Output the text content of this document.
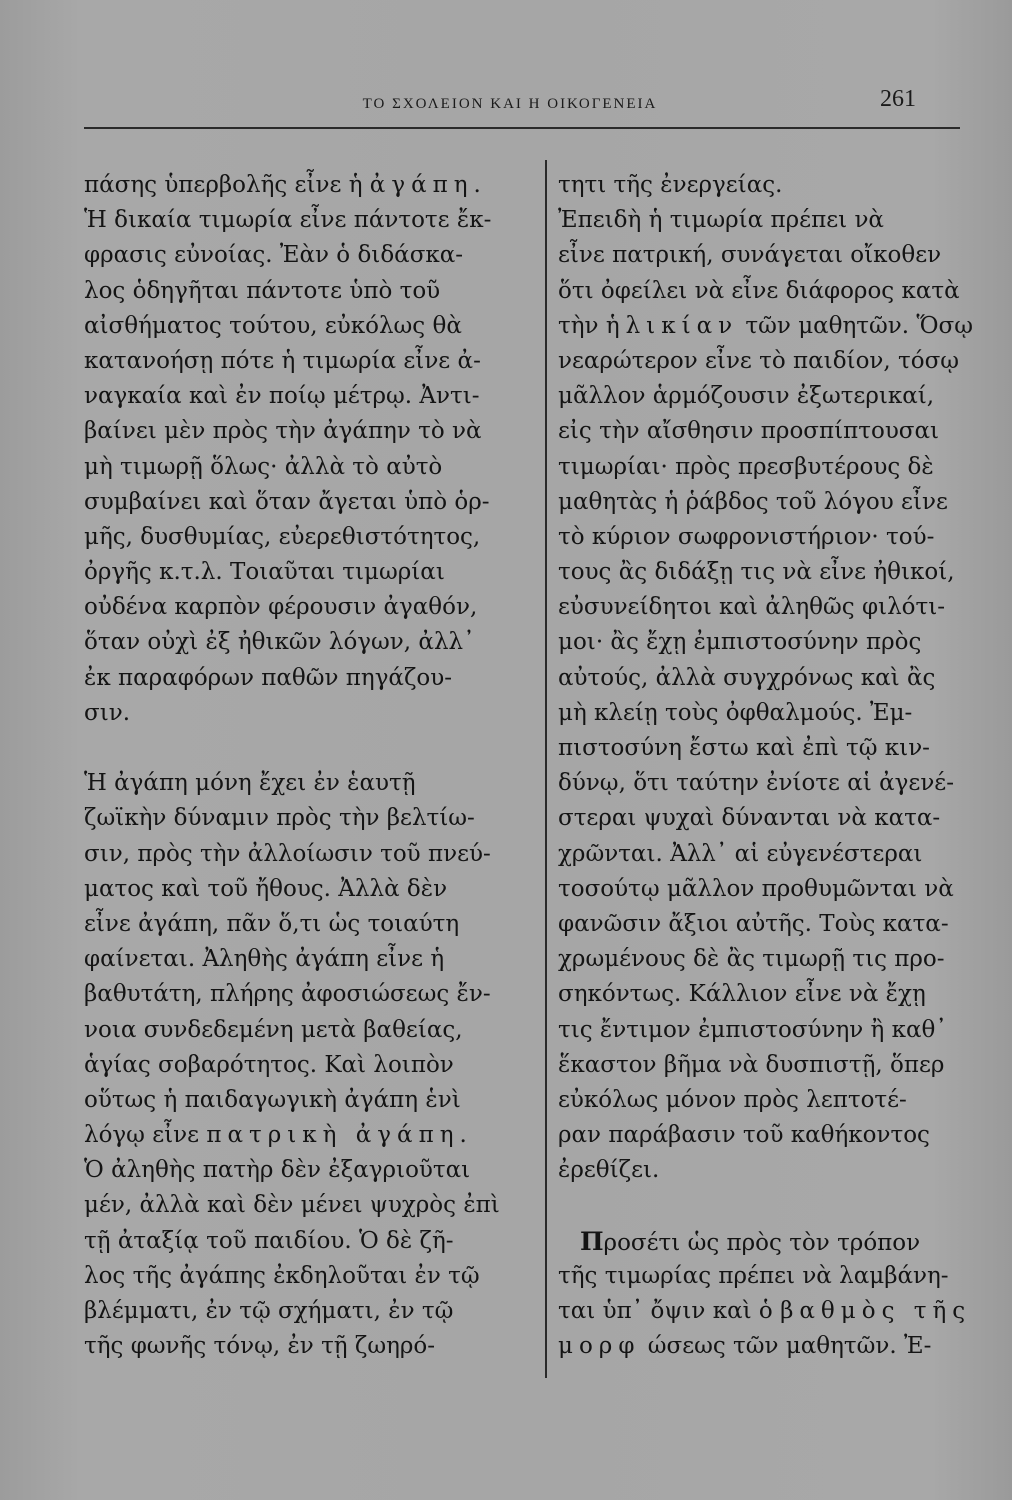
ΤΟ ΣΧΟΛΕΙΟΝ ΚΑΙ Η ΟΙΚΟΓΕΝΕΙΑ	261
πάσης ὑπερβολῆς εἶνε ἡ ἀγάπη.
Ἡ δικαία τιμωρία εἶνε πάντοτε ἔκ-
φρασις εὐνοίας. Ἐὰν ὁ διδάσκα-
λος ὁδηγῆται πάντοτε ὑπὸ τοῦ
αἰσθήματος τούτου, εὐκόλως θὰ
κατανοήσῃ πότε ἡ τιμωρία εἶνε ἀ-
ναγκαία καὶ ἐν ποίῳ μέτρῳ. Ἀντι-
βαίνει μὲν πρὸς τὴν ἀγάπην τὸ νὰ
μὴ τιμωρῇ ὅλως· ἀλλὰ τὸ αὐτὸ
συμβαίνει καὶ ὅταν ἄγεται ὑπὸ ὁρ-
μῆς, δυσθυμίας, εὐερεθιστότητος,
ὀργῆς κ.τ.λ. Τοιαῦται τιμωρίαι
οὐδένα καρπὸν φέρουσιν ἀγαθόν,
ὅταν οὐχὶ ἐξ ἠθικῶν λόγων, ἀλλ᾽
ἐκ παραφόρων παθῶν πηγάζου-
σιν.
Ἡ ἀγάπη μόνη ἔχει ἐν ἑαυτῇ
ζωϊκὴν δύναμιν πρὸς τὴν βελτίω-
σιν, πρὸς τὴν ἀλλοίωσιν τοῦ πνεύ-
ματος καὶ τοῦ ἤθους. Ἀλλὰ δὲν
εἶνε ἀγάπη, πᾶν ὅ,τι ὡς τοιαύτη
φαίνεται. Ἀληθὴς ἀγάπη εἶνε ἡ
βαθυτάτη, πλήρης ἀφοσιώσεως ἔν-
νοια συνδεδεμένη μετὰ βαθείας,
ἁγίας σοβαρότητος. Καὶ λοιπὸν
οὕτως ἡ παιδαγωγικὴ ἀγάπη ἑνὶ
λόγῳ εἶνε πατρικὴ ἀγάπη.
Ὁ ἀληθὴς πατὴρ δὲν ἐξαγριοῦται
μέν, ἀλλὰ καὶ δὲν μένει ψυχρὸς ἐπὶ
τῇ ἀταξίᾳ τοῦ παιδίου. Ὁ δὲ ζῆ-
λος τῆς ἀγάπης ἐκδηλοῦται ἐν τῷ
βλέμματι, ἐν τῷ σχήματι, ἐν τῷ
τῆς φωνῆς τόνῳ, ἐν τῇ ζωηρό-
τητι τῆς ἐνεργείας.
Ἐπειδὴ ἡ τιμωρία πρέπει νὰ
εἶνε πατρική, συνάγεται οἴκοθεν
ὅτι ὀφείλει νὰ εἶνε διάφορος κατὰ
τὴν ἡλικίαν τῶν μαθητῶν. Ὅσῳ
νεαρώτερον εἶνε τὸ παιδίον, τόσῳ
μᾶλλον ἁρμόζουσιν ἐξωτερικαί,
εἰς τὴν αἴσθησιν προσπίπτουσαι
τιμωρίαι· πρὸς πρεσβυτέρους δὲ
μαθητὰς ἡ ῥάβδος τοῦ λόγου εἶνε
τὸ κύριον σωφρονιστήριον· τού-
τους ἂς διδάξῃ τις νὰ εἶνε ἠθικοί,
εὐσυνείδητοι καὶ ἀληθῶς φιλότι-
μοι· ἂς ἔχῃ ἐμπιστοσύνην πρὸς
αὐτούς, ἀλλὰ συγχρόνως καὶ ἂς
μὴ κλείῃ τοὺς ὀφθαλμούς. Ἐμ-
πιστοσύνη ἔστω καὶ ἐπὶ τῷ κιν-
δύνῳ, ὅτι ταύτην ἐνίοτε αἱ ἀγενέ-
στεραι ψυχαὶ δύνανται νὰ κατα-
χρῶνται. Ἀλλ᾽ αἱ εὐγενέστεραι
τοσούτῳ μᾶλλον προθυμῶνται νὰ
φανῶσιν ἄξιοι αὐτῆς. Τοὺς κατα-
χρωμένους δὲ ἂς τιμωρῇ τις προ-
σηκόντως. Κάλλιον εἶνε νὰ ἔχῃ
τις ἔντιμον ἐμπιστοσύνην ἢ καθ᾽
ἕκαστον βῆμα νὰ δυσπιστῇ, ὅπερ
εὐκόλως μόνον πρὸς λεπτοτέ-
ραν παράβασιν τοῦ καθήκοντος
ἐρεθίζει.
Προσέτι ὡς πρὸς τὸν τρόπον
τῆς τιμωρίας πρέπει νὰ λαμβάνη-
ται ὑπ᾽ ὄψιν καὶ ὁ βαθμὸς τῆς
μορφ ώσεως τῶν μαθητῶν. Ἐ-
